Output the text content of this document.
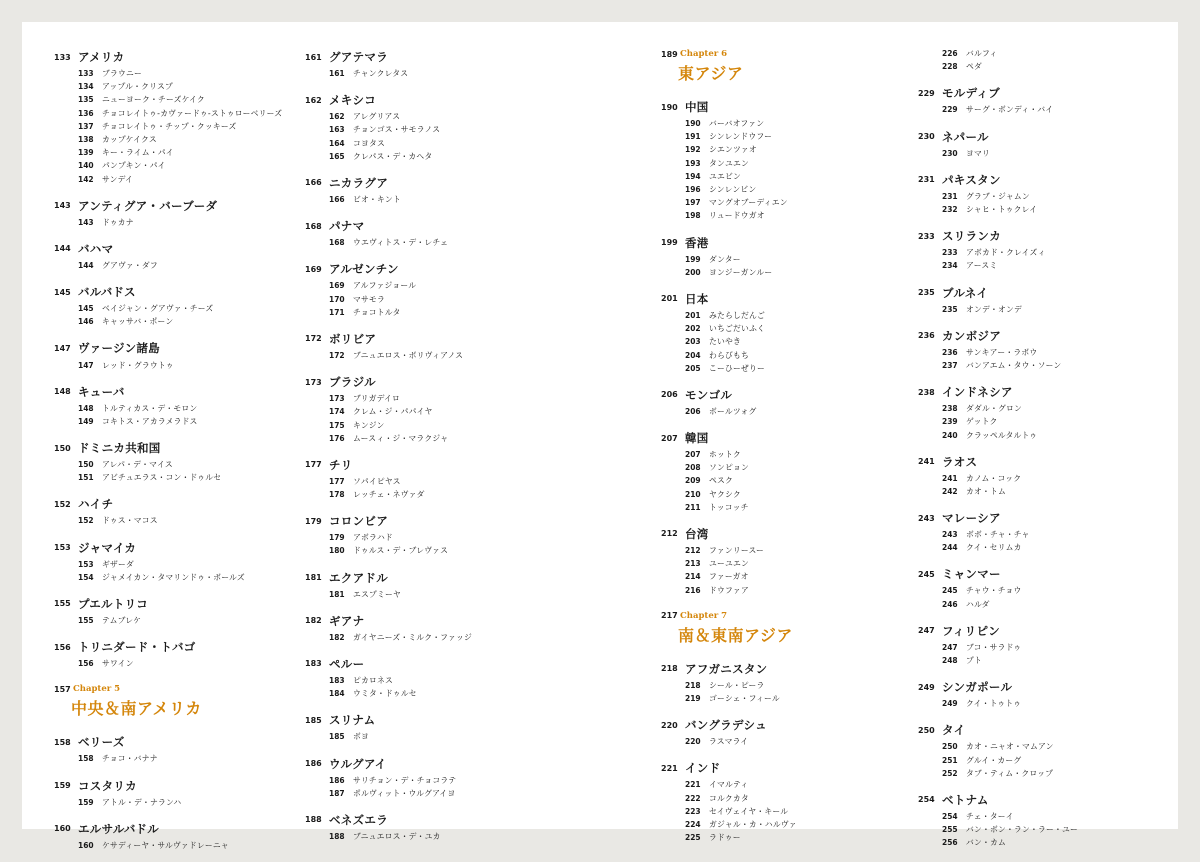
133 アメリカ
133	ブラウニー
134	アップル・クリスプ
135	ニューヨーク・チーズケイク
136	チョコレイトゥ-カヴァードゥ-ストゥローベリーズ
137	チョコレイトゥ・チップ・クッキーズ
138	カップケイクス
139	キー・ライム・パイ
140	パンプキン・パイ
142	サンデイ
143 アンティグア・バーブーダ
143	ドゥカナ
144 バハマ
144	グアヴァ・ダフ
145 バルバドス
145	ベイジャン・グアヴァ・チーズ
146	キャッサバ・ポーン
147 ヴァージン諸島
147	レッド・グラウトゥ
148 キューバ
148	トルティカス・デ・モロン
149	コキトス・アカラメラドス
150 ドミニカ共和国
150	アレパ・デ・マイス
151	アビチュエラス・コン・ドゥルセ
152 ハイチ
152	ドゥス・マコス
153 ジャマイカ
153	ギザーダ
154	ジャメイカン・タマリンドゥ・ボールズ
155 プエルトリコ
155	テムブレケ
156 トリニダード・トバゴ
156	サワイン
157 Chapter 5
中央＆南アメリカ
158 ベリーズ
158	チョコ・バナナ
159 コスタリカ
159	アトル・デ・ナランハ
160 エルサルバドル
160	ケサディーヤ・サルヴァドレーニャ
161 グアテマラ
161	チャンクレタス
162 メキシコ
162	アレグリアス
163	チョンゴス・サモラノス
164	コヨタス
165	クレパス・デ・カヘタ
166 ニカラグア
166	ビオ・キント
168 パナマ
168	ウエヴィトス・デ・レチェ
169 アルゼンチン
169	アルファジョール
170	マサモラ
171	チョコトルタ
172 ボリビア
172	ブニュエロス・ボリヴィアノス
173 ブラジル
173	ブリガデイロ
174	クレム・ジ・パパイヤ
175	キンジン
176	ムースィ・ジ・マラクジャ
177 チリ
177	ソパイピヤス
178	レッチェ・ネヴァダ
179 コロンビア
179	アボラハド
180	ドゥルス・デ・ブレヴァス
181 エクアドル
181	エスプミーヤ
182 ギアナ
182	ガイヤニーズ・ミルク・ファッジ
183 ペルー
183	ピカロネス
184	ウミタ・ドゥルセ
185 スリナム
185	ボヨ
186 ウルグアイ
186	サリチョン・デ・チョコラテ
187	ポルヴィット・ウルグアイヨ
188 ベネズエラ
188	ブニュエロス・デ・ユカ
189 Chapter 6
東アジア
190 中国
190	バーバオファン
191	シンレンドウフー
192	シエンツァオ
193	タンユエン
194	ユエビン
196	シンレンビン
197	マングオブーディエン
198	リュードウガオ
199 香港
199	ダンター
200	ヨンジーガンルー
201 日本
201	みたらしだんご
202	いちごだいふく
203	たいやき
204	わらびもち
205	こーひーぜりー
206 モンゴル
206	ボールツォグ
207 韓国
207	ホットク
208	ソンピョン
209	ペスク
210	ヤクシク
211	トッコッチ
212 台湾
212	ファンリースー
213	ユーユエン
214	ファーガオ
216	ドウファア
217 Chapter 7
南＆東南アジア
218 アフガニスタン
218	シール・ピーラ
219	ゴーシェ・フィール
220 バングラデシュ
220	ラスマライ
221 インド
221	イマルティ
222	コルクカタ
223	セイヴェイヤ・キール
224	ガジャル・カ・ハルヴァ
225	ラドゥー
226	バルフィ
228	ペダ
229 モルディブ
229	サーグ・ボンディ・バイ
230 ネパール
230	ヨマリ
231 パキスタン
231	グラブ・ジャムン
232	シャヒ・トゥクレイ
233 スリランカ
233	アボカド・クレイズィ
234	アースミ
235 ブルネイ
235	オンデ・オンデ
236 カンボジア
236	サンキアー・ラボウ
237	バンアエム・タウ・ソーン
238 インドネシア
238	ダダル・グロン
239	ゲットク
240	クラッペルタルトゥ
241 ラオス
241	カノム・コック
242	カオ・トム
243 マレーシア
243	ボボ・チャ・チャ
244	クイ・セリムカ
245 ミャンマー
245	チャウ・チョウ
246	ハルダ
247 フィリピン
247	ブコ・サラドゥ
248	プト
249 シンガポール
249	クイ・トゥトゥ
250 タイ
250	カオ・ニャオ・マムアン
251	グルイ・カーグ
252	タブ・ティム・クロップ
254 ベトナム
254	チェ・ターイ
255	バン・ボン・ラン・ラー・ユー
256	バン・カム
